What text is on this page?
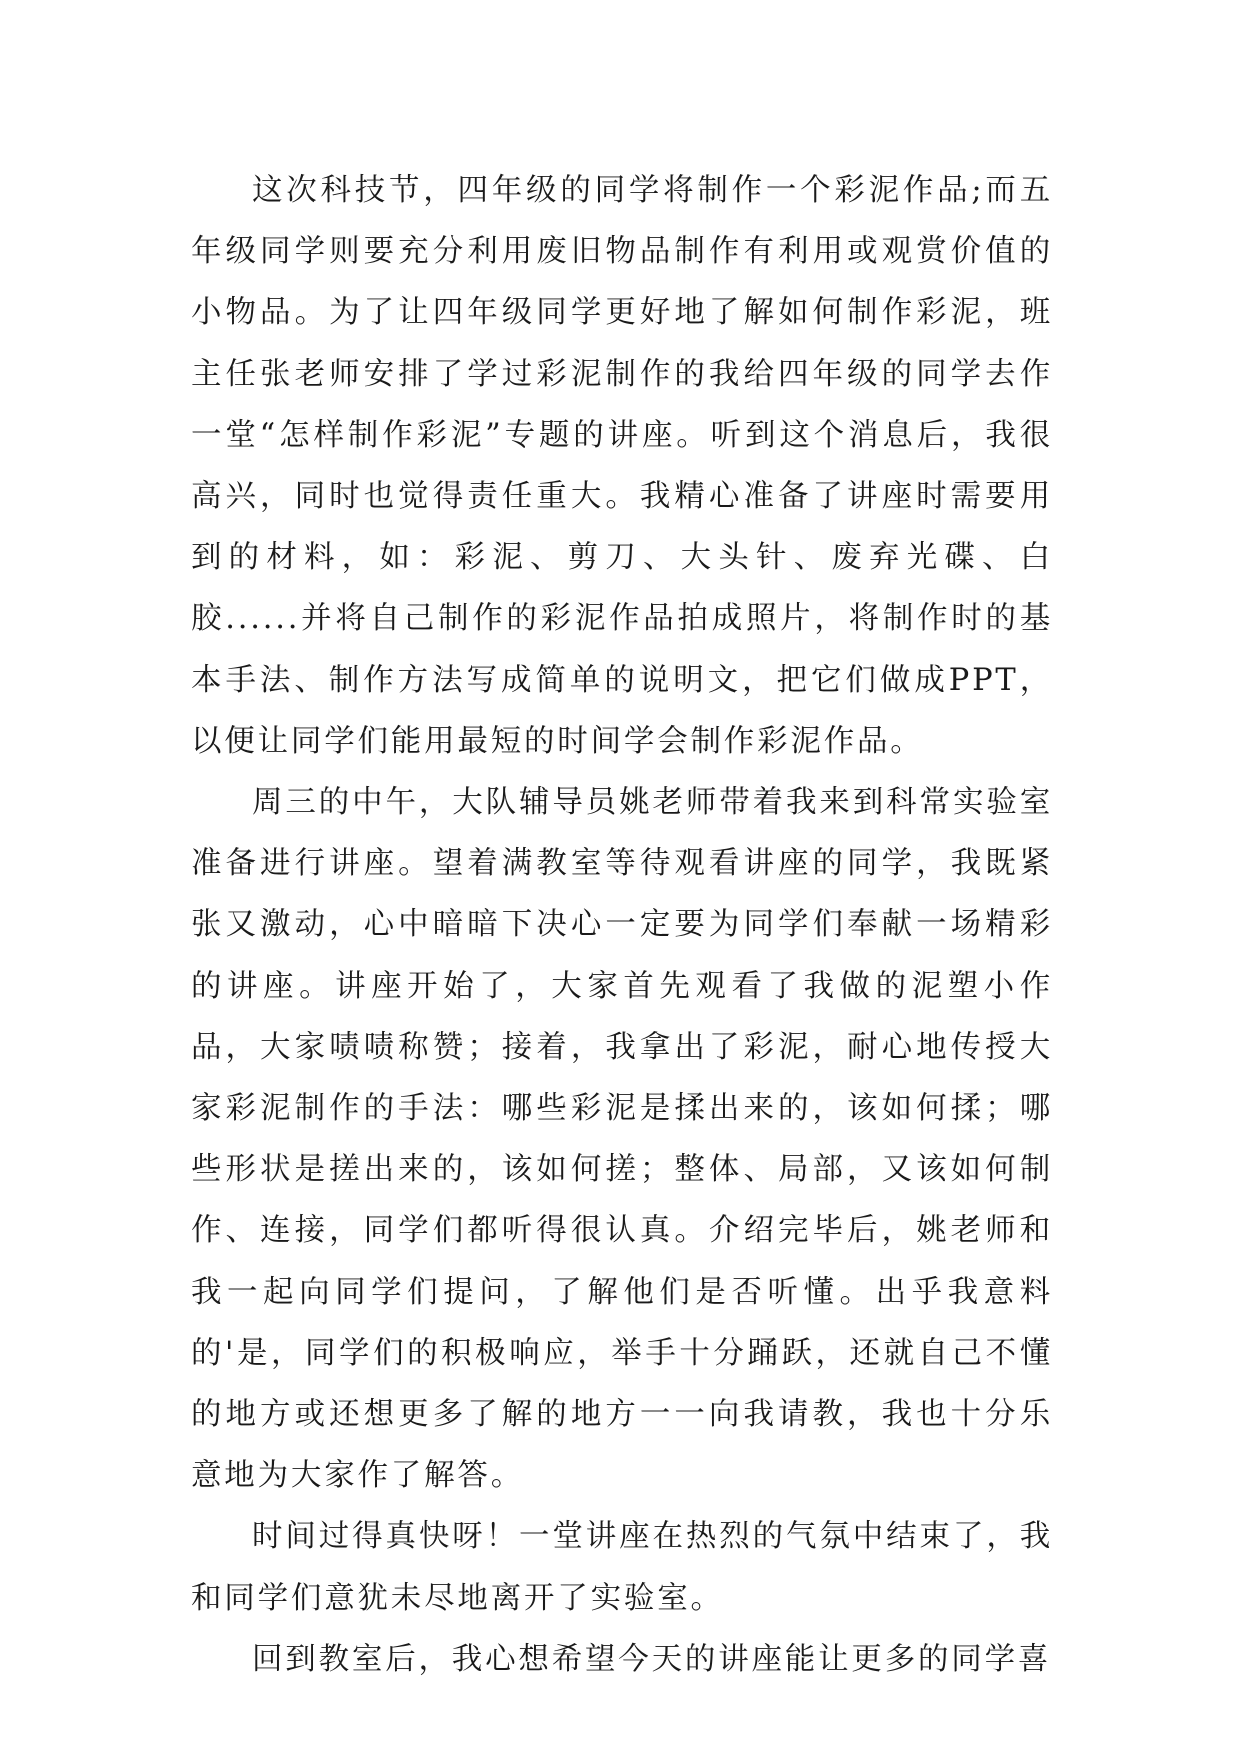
这次科技节，四年级的同学将制作一个彩泥作品;而五年级同学则要充分利用废旧物品制作有利用或观赏价值的小物品。为了让四年级同学更好地了解如何制作彩泥，班主任张老师安排了学过彩泥制作的我给四年级的同学去作一堂“怎样制作彩泥”专题的讲座。听到这个消息后，我很高兴，同时也觉得责任重大。我精心准备了讲座时需要用到的材料，如：彩泥、剪刀、大头针、废弃光碟、白胶......并将自己制作的彩泥作品拍成照片，将制作时的基本手法、制作方法写成简单的说明文，把它们做成PPT，以便让同学们能用最短的时间学会制作彩泥作品。

周三的中午，大队辅导员姚老师带着我来到科常实验室准备进行讲座。望着满教室等待观看讲座的同学，我既紧张又激动，心中暗暗下决心一定要为同学们奉献一场精彩的讲座。讲座开始了，大家首先观看了我做的泥塑小作品，大家啧啧称赞；接着，我拿出了彩泥，耐心地传授大家彩泥制作的手法：哪些彩泥是揉出来的，该如何揉；哪些形状是搓出来的，该如何搓；整体、局部，又该如何制作、连接，同学们都听得很认真。介绍完毕后，姚老师和我一起向同学们提问，了解他们是否听懂。出乎我意料的'是，同学们的积极响应，举手十分踊跃，还就自己不懂的地方或还想更多了解的地方一一向我请教，我也十分乐意地为大家作了解答。

时间过得真快呀！一堂讲座在热烈的气氛中结束了，我和同学们意犹未尽地离开了实验室。

回到教室后，我心想希望今天的讲座能让更多的同学喜
